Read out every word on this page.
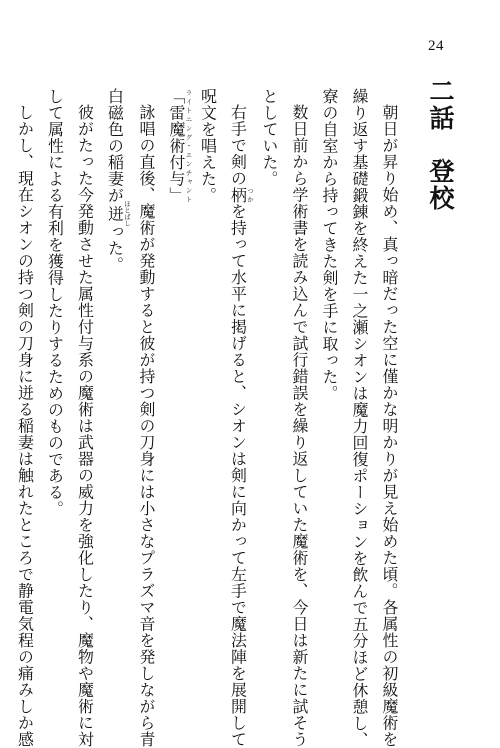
24
二話登校

朝日が昇り始め、真っ暗だった空に僅かな明かりが見え始めた頃。各属性の初級魔術を

繰り返す基礎鍛錬を終えた一之瀬シオンは魔力回復ポーションを飲んで五分ほど休憩し、

寮の自室から持ってきた剣を手に取った。

数日前から学術書を読み込んで試行錯誤を繰り返していた魔術を、今日は新たに試そう

としていた。

右手で剣の柄つかを持って水平に掲げると、シオンは剣に向かって左手で魔法陣を展開して

呪文を唱えた。

「雷魔術付与」ライトニング・エンチャント

詠唱の直後、魔術が発動すると彼が持つ剣の刀身には小さなプラズマ音を発しながら青

白磁色の稲妻が迸ほとばしった。

彼がたった今発動させた属性付与系の魔術は武器の威力を強化したり、魔物や魔術に対

して属性による有利を獲得したりするためのものである。

しかし、現在シオンの持つ剣の刀身に迸る稲妻は触れたところで静電気程の痛みしか感
